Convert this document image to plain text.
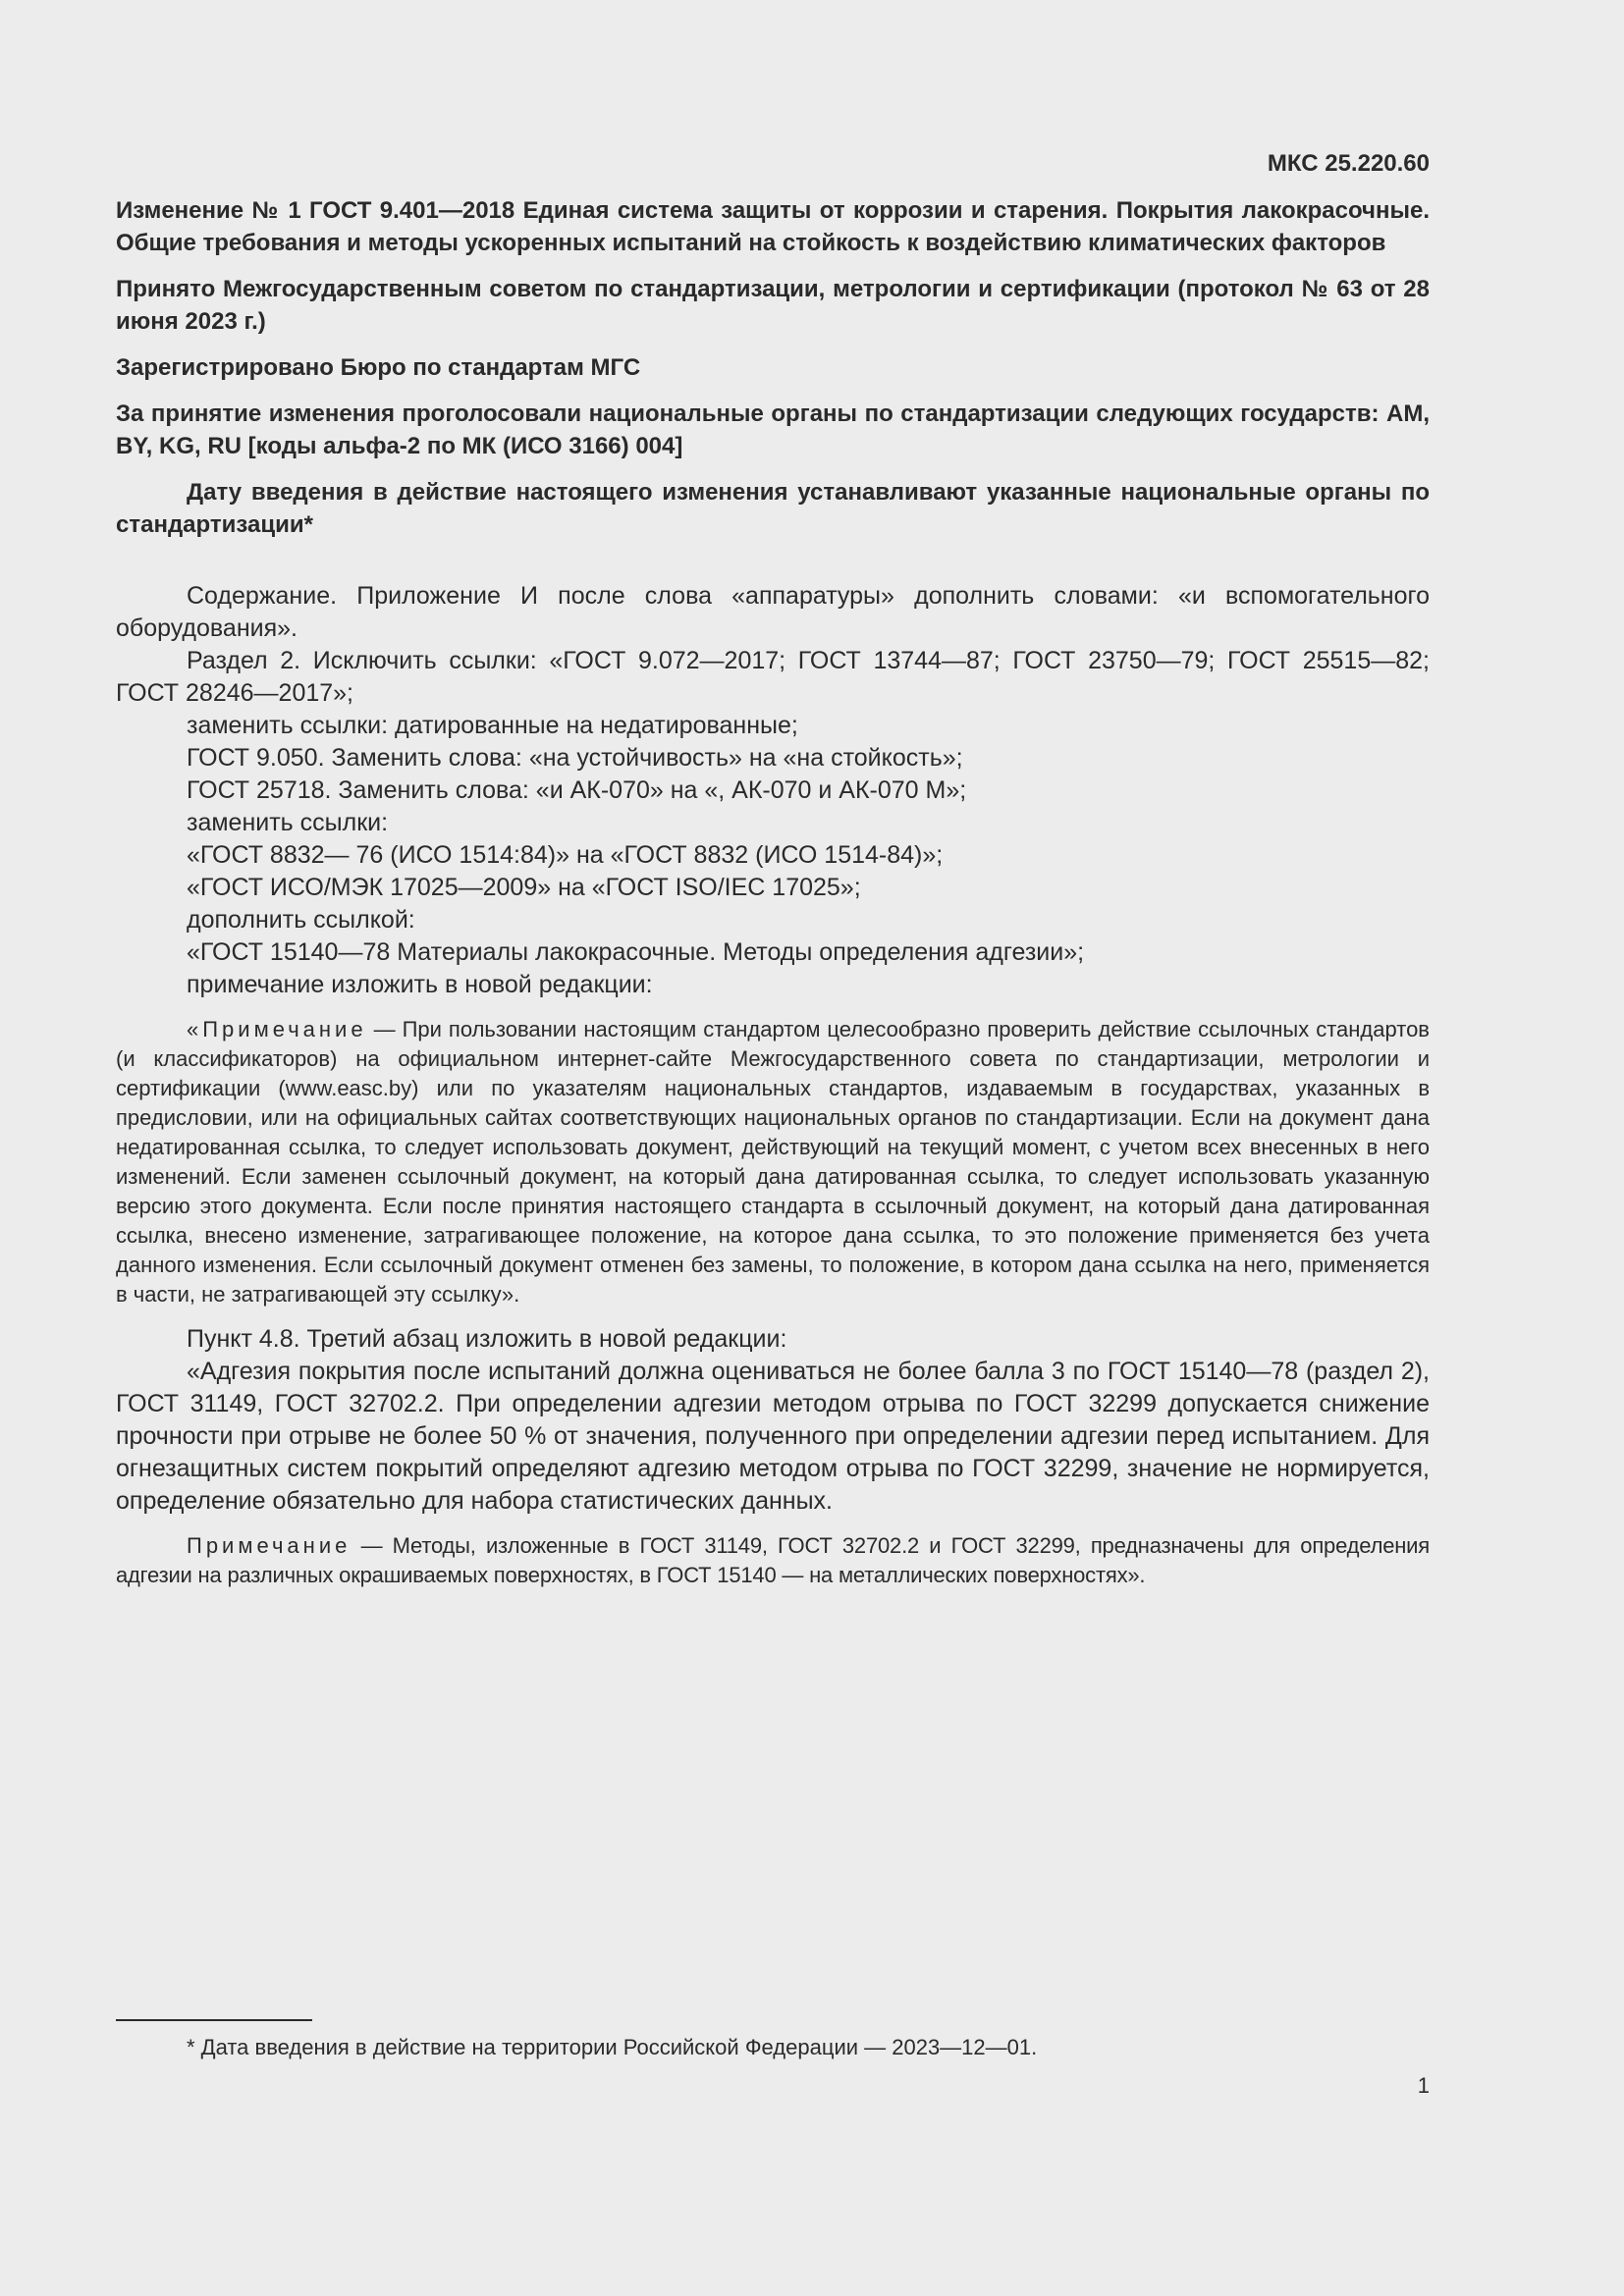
МКС 25.220.60
Изменение № 1 ГОСТ 9.401—2018 Единая система защиты от коррозии и старения. Покрытия лакокрасочные. Общие требования и методы ускоренных испытаний на стойкость к воздействию климатических факторов
Принято Межгосударственным советом по стандартизации, метрологии и сертификации (протокол № 63 от 28 июня 2023 г.)
Зарегистрировано Бюро по стандартам МГС
За принятие изменения проголосовали национальные органы по стандартизации следующих государств: AM, BY, KG, RU [коды альфа-2 по МК (ИСО 3166) 004]
Дату введения в действие настоящего изменения устанавливают указанные национальные органы по стандартизации*

Содержание. Приложение И после слова «аппаратуры» дополнить словами: «и вспомогательного оборудования».

Раздел 2. Исключить ссылки: «ГОСТ 9.072—2017; ГОСТ 13744—87; ГОСТ 23750—79; ГОСТ 25515—82; ГОСТ 28246—2017»;

заменить ссылки: датированные на недатированные;

ГОСТ 9.050. Заменить слова: «на устойчивость» на «на стойкость»;

ГОСТ 25718. Заменить слова: «и АК-070» на «, АК-070 и АК-070 М»;

заменить ссылки:

«ГОСТ 8832— 76 (ИСО 1514:84)» на «ГОСТ 8832 (ИСО 1514-84)»;

«ГОСТ ИСО/МЭК 17025—2009» на «ГОСТ ISO/IEC 17025»;

дополнить ссылкой:

«ГОСТ 15140—78 Материалы лакокрасочные. Методы определения адгезии»;

примечание изложить в новой редакции:

«Примечание — При пользовании настоящим стандартом целесообразно проверить действие ссылочных стандартов (и классификаторов) на официальном интернет-сайте Межгосударственного совета по стандартизации, метрологии и сертификации (www.easc.by) или по указателям национальных стандартов, издаваемым в государствах, указанных в предисловии, или на официальных сайтах соответствующих национальных органов по стандартизации. Если на документ дана недатированная ссылка, то следует использовать документ, действующий на текущий момент, с учетом всех внесенных в него изменений. Если заменен ссылочный документ, на который дана датированная ссылка, то следует использовать указанную версию этого документа. Если после принятия настоящего стандарта в ссылочный документ, на который дана датированная ссылка, внесено изменение, затрагивающее положение, на которое дана ссылка, то это положение применяется без учета данного изменения. Если ссылочный документ отменен без замены, то положение, в котором дана ссылка на него, применяется в части, не затрагивающей эту ссылку».

Пункт 4.8. Третий абзац изложить в новой редакции:

«Адгезия покрытия после испытаний должна оцениваться не более балла 3 по ГОСТ 15140—78 (раздел 2), ГОСТ 31149, ГОСТ 32702.2. При определении адгезии методом отрыва по ГОСТ 32299 допускается снижение прочности при отрыве не более 50 % от значения, полученного при определении адгезии перед испытанием. Для огнезащитных систем покрытий определяют адгезию методом отрыва по ГОСТ 32299, значение не нормируется, определение обязательно для набора статистических данных.

Примечание — Методы, изложенные в ГОСТ 31149, ГОСТ 32702.2 и ГОСТ 32299, предназначены для определения адгезии на различных окрашиваемых поверхностях, в ГОСТ 15140 — на металлических поверхностях».
* Дата введения в действие на территории Российской Федерации — 2023—12—01.
1
